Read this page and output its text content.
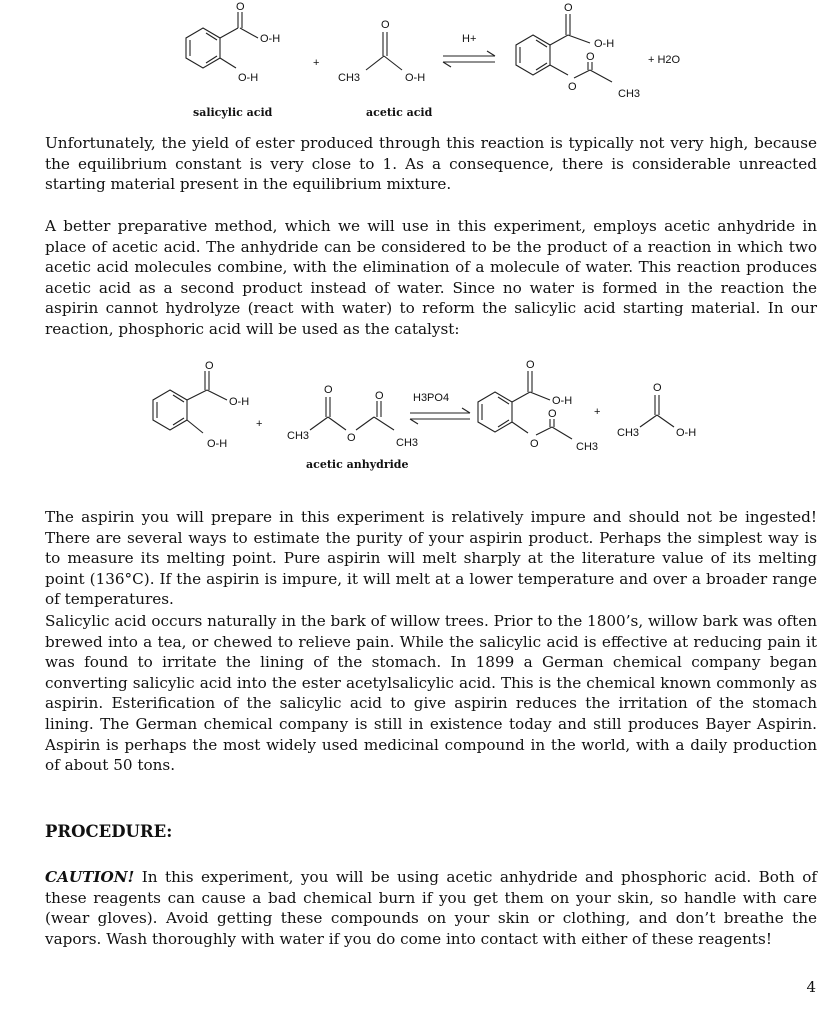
O
O-H
O-H
+
O
CH3	O-H
H+
O
O-H
O
O
CH3
+ H2O
salicylic acid	acetic acid

Unfortunately, the yield of ester produced through this reaction is typically not very high, because the equilibrium constant is very close to 1. As a consequence, there is considerable unreacted starting material present in the equilibrium mixture.

A better preparative method, which we will use in this experiment, employs acetic anhydride in place of acetic acid. The anhydride can be considered to be the product of a reaction in which two acetic acid molecules combine, with the elimination of a molecule of water. This reaction produces acetic acid as a second product instead of water. Since no water is formed in the reaction the aspirin cannot hydrolyze (react with water) to reform the salicylic acid starting material. In our reaction, phosphoric acid will be used as the catalyst:

O
O-H
O-H
+
O	O
O
CH3
CH3
H3PO4
O
O-H
O
O	CH3
+
O
CH3	O-H
acetic anhydride

The aspirin you will prepare in this experiment is relatively impure and should not be ingested! There are several ways to estimate the purity of your aspirin product. Perhaps the simplest way is to measure its melting point. Pure aspirin will melt sharply at the literature value of its melting point (136°C). If the aspirin is impure, it will melt at a lower temperature and over a broader range of temperatures.

Salicylic acid occurs naturally in the bark of willow trees. Prior to the 1800’s, willow bark was often brewed into a tea, or chewed to relieve pain. While the salicylic acid is effective at reducing pain it was found to irritate the lining of the stomach. In 1899 a German chemical company began converting salicylic acid into the ester acetylsalicylic acid. This is the chemical known commonly as aspirin. Esterification of the salicylic acid to give aspirin reduces the irritation of the stomach lining. The German chemical company is still in existence today and still produces Bayer Aspirin. Aspirin is perhaps the most widely used medicinal compound in the world, with a daily production of about 50 tons.

PROCEDURE:

CAUTION! In this experiment, you will be using acetic anhydride and phosphoric acid. Both of these reagents can cause a bad chemical burn if you get them on your skin, so handle with care (wear gloves). Avoid getting these compounds on your skin or clothing, and don’t breathe the vapors. Wash thoroughly with water if you do come into contact with either of these reagents!

4
